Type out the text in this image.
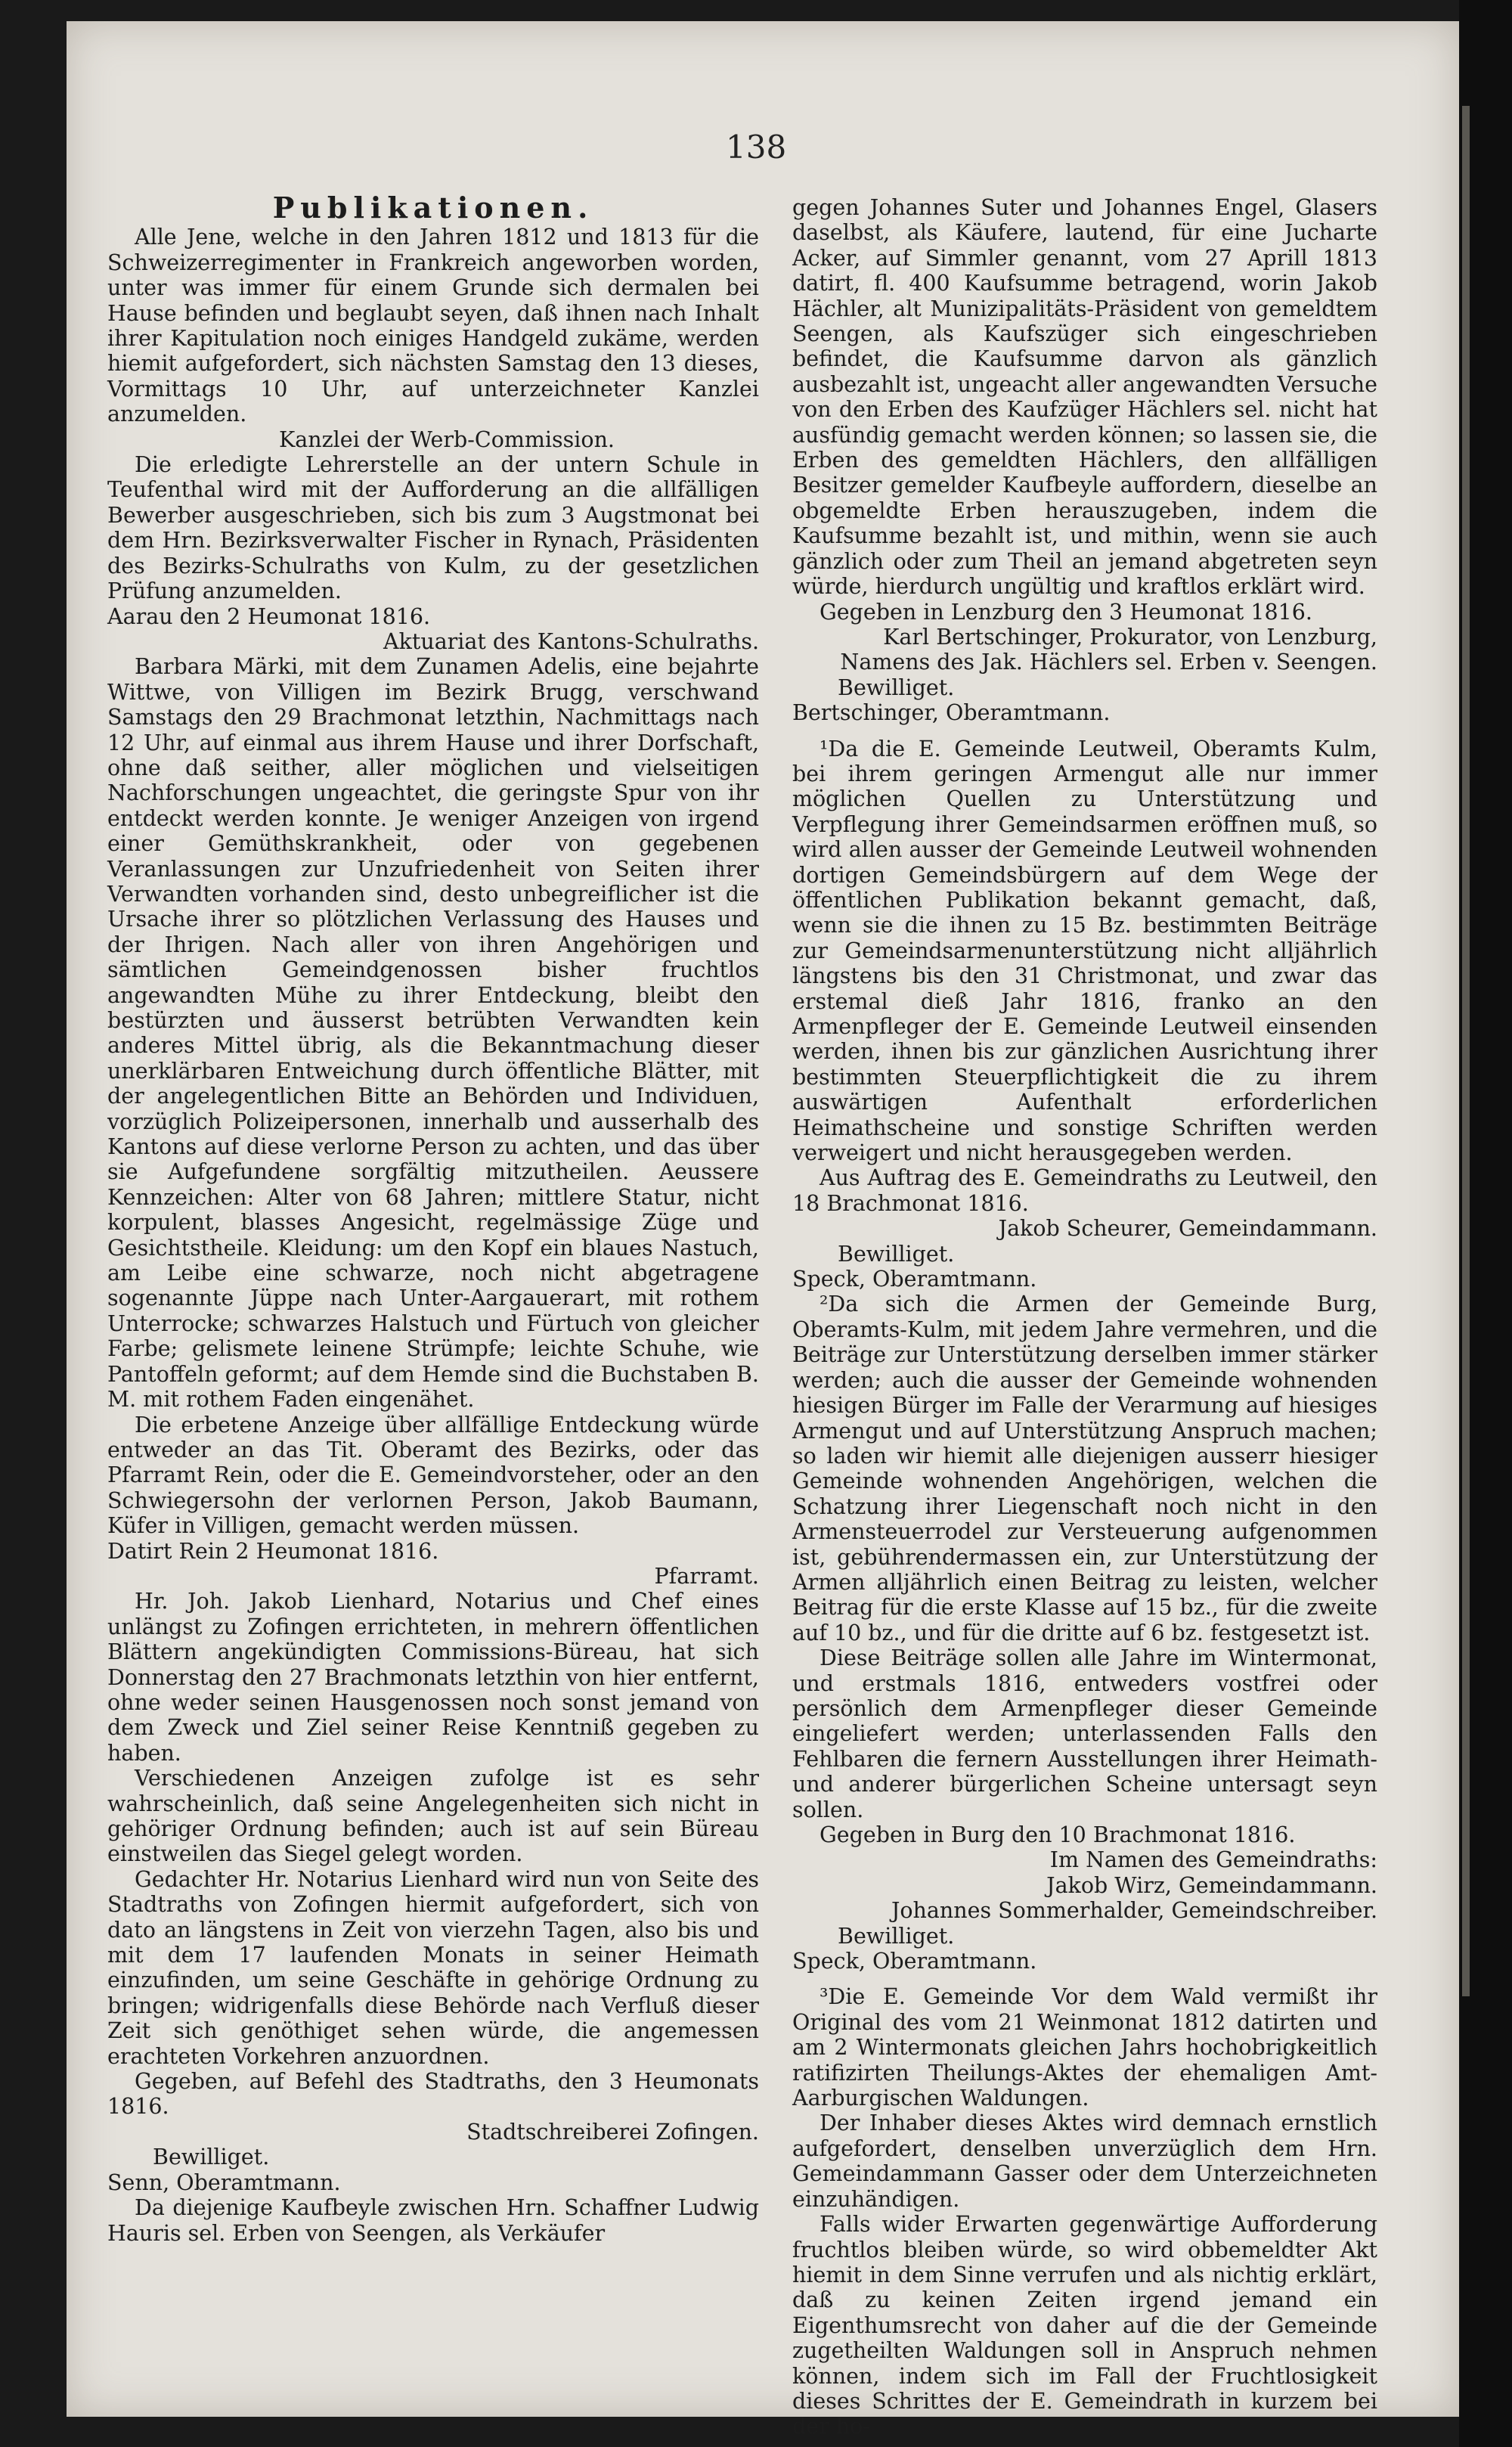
138
Publikationen.

Alle Jene, welche in den Jahren 1812 und 1813 für die Schweizerregimenter in Frankreich angeworben worden, unter was immer für einem Grunde sich dermalen bei Hause befinden und beglaubt seyen, daß ihnen nach Inhalt ihrer Kapitulation noch einiges Handgeld zukäme, werden hiemit aufgefordert, sich nächsten Samstag den 13 dieses, Vormittags 10 Uhr, auf unterzeichneter Kanzlei anzumelden.

Kanzlei der Werb-Commission.

Die erledigte Lehrerstelle an der untern Schule in Teufenthal wird mit der Aufforderung an die allfälligen Bewerber ausgeschrieben, sich bis zum 3 Augstmonat bei dem Hrn. Bezirksverwalter Fischer in Rynach, Präsidenten des Bezirks-Schulraths von Kulm, zu der gesetzlichen Prüfung anzumelden.

Aarau den 2 Heumonat 1816.

Aktuariat des Kantons-Schulraths.

Barbara Märki, mit dem Zunamen Adelis, eine bejahrte Wittwe, von Villigen im Bezirk Brugg, verschwand Samstags den 29 Brachmonat letzthin, Nachmittags nach 12 Uhr, auf einmal aus ihrem Hause und ihrer Dorfschaft, ohne daß seither, aller möglichen und vielseitigen Nachforschungen ungeachtet, die geringste Spur von ihr entdeckt werden konnte. Je weniger Anzeigen von irgend einer Gemüthskrankheit, oder von gegebenen Veranlassungen zur Unzufriedenheit von Seiten ihrer Verwandten vorhanden sind, desto unbegreiflicher ist die Ursache ihrer so plötzlichen Verlassung des Hauses und der Ihrigen. Nach aller von ihren Angehörigen und sämtlichen Gemeindgenossen bisher fruchtlos angewandten Mühe zu ihrer Entdeckung, bleibt den bestürzten und äusserst betrübten Verwandten kein anderes Mittel übrig, als die Bekanntmachung dieser unerklärbaren Entweichung durch öffentliche Blätter, mit der angelegentlichen Bitte an Behörden und Individuen, vorzüglich Polizeipersonen, innerhalb und ausserhalb des Kantons auf diese verlorne Person zu achten, und das über sie Aufgefundene sorgfältig mitzutheilen. Aeussere Kennzeichen: Alter von 68 Jahren; mittlere Statur, nicht korpulent, blasses Angesicht, regelmässige Züge und Gesichtstheile. Kleidung: um den Kopf ein blaues Nastuch, am Leibe eine schwarze, noch nicht abgetragene sogenannte Jüppe nach Unter-Aargauerart, mit rothem Unterrocke; schwarzes Halstuch und Fürtuch von gleicher Farbe; gelismete leinene Strümpfe; leichte Schuhe, wie Pantoffeln geformt; auf dem Hemde sind die Buchstaben B. M. mit rothem Faden eingenähet.

Die erbetene Anzeige über allfällige Entdeckung würde entweder an das Tit. Oberamt des Bezirks, oder das Pfarramt Rein, oder die E. Gemeindvorsteher, oder an den Schwiegersohn der verlornen Person, Jakob Baumann, Küfer in Villigen, gemacht werden müssen.

Datirt Rein 2 Heumonat 1816.

Pfarramt.

Hr. Joh. Jakob Lienhard, Notarius und Chef eines unlängst zu Zofingen errichteten, in mehrern öffentlichen Blättern angekündigten Commissions-Büreau, hat sich Donnerstag den 27 Brachmonats letzthin von hier entfernt, ohne weder seinen Hausgenossen noch sonst jemand von dem Zweck und Ziel seiner Reise Kenntniß gegeben zu haben.

Verschiedenen Anzeigen zufolge ist es sehr wahrscheinlich, daß seine Angelegenheiten sich nicht in gehöriger Ordnung befinden; auch ist auf sein Büreau einstweilen das Siegel gelegt worden.

Gedachter Hr. Notarius Lienhard wird nun von Seite des Stadtraths von Zofingen hiermit aufgefordert, sich von dato an längstens in Zeit von vierzehn Tagen, also bis und mit dem 17 laufenden Monats in seiner Heimath einzufinden, um seine Geschäfte in gehörige Ordnung zu bringen; widrigenfalls diese Behörde nach Verfluß dieser Zeit sich genöthiget sehen würde, die angemessen erachteten Vorkehren anzuordnen.

Gegeben, auf Befehl des Stadtraths, den 3 Heumonats 1816.

Stadtschreiberei Zofingen.

Bewilliget.

Senn, Oberamtmann.

Da diejenige Kaufbeyle zwischen Hrn. Schaffner Ludwig Hauris sel. Erben von Seengen, als Verkäufer

gegen Johannes Suter und Johannes Engel, Glasers daselbst, als Käufere, lautend, für eine Jucharte Acker, auf Simmler genannt, vom 27 Aprill 1813 datirt, fl. 400 Kaufsumme betragend, worin Jakob Hächler, alt Munizipalitäts-Präsident von gemeldtem Seengen, als Kaufszüger sich eingeschrieben befindet, die Kaufsumme darvon als gänzlich ausbezahlt ist, ungeacht aller angewandten Versuche von den Erben des Kaufzüger Hächlers sel. nicht hat ausfündig gemacht werden können; so lassen sie, die Erben des gemeldten Hächlers, den allfälligen Besitzer gemelder Kaufbeyle auffordern, dieselbe an obgemeldte Erben herauszugeben, indem die Kaufsumme bezahlt ist, und mithin, wenn sie auch gänzlich oder zum Theil an jemand abgetreten seyn würde, hierdurch ungültig und kraftlos erklärt wird.

Gegeben in Lenzburg den 3 Heumonat 1816.

Karl Bertschinger, Prokurator, von Lenzburg,

Namens des Jak. Hächlers sel. Erben v. Seengen.

Bewilliget.

Bertschinger, Oberamtmann.

¹Da die E. Gemeinde Leutweil, Oberamts Kulm, bei ihrem geringen Armengut alle nur immer möglichen Quellen zu Unterstützung und Verpflegung ihrer Gemeindsarmen eröffnen muß, so wird allen ausser der Gemeinde Leutweil wohnenden dortigen Gemeindsbürgern auf dem Wege der öffentlichen Publikation bekannt gemacht, daß, wenn sie die ihnen zu 15 Bz. bestimmten Beiträge zur Gemeindsarmenunterstützung nicht alljährlich längstens bis den 31 Christmonat, und zwar das erstemal dieß Jahr 1816, franko an den Armenpfleger der E. Gemeinde Leutweil einsenden werden, ihnen bis zur gänzlichen Ausrichtung ihrer bestimmten Steuerpflichtigkeit die zu ihrem auswärtigen Aufenthalt erforderlichen Heimathscheine und sonstige Schriften werden verweigert und nicht herausgegeben werden.

Aus Auftrag des E. Gemeindraths zu Leutweil, den 18 Brachmonat 1816.

Jakob Scheurer, Gemeindammann.

Bewilliget.

Speck, Oberamtmann.

²Da sich die Armen der Gemeinde Burg, Oberamts-Kulm, mit jedem Jahre vermehren, und die Beiträge zur Unterstützung derselben immer stärker werden; auch die ausser der Gemeinde wohnenden hiesigen Bürger im Falle der Verarmung auf hiesiges Armengut und auf Unterstützung Anspruch machen; so laden wir hiemit alle diejenigen ausserr hiesiger Gemeinde wohnenden Angehörigen, welchen die Schatzung ihrer Liegenschaft noch nicht in den Armensteuerrodel zur Versteuerung aufgenommen ist, gebührendermassen ein, zur Unterstützung der Armen alljährlich einen Beitrag zu leisten, welcher Beitrag für die erste Klasse auf 15 bz., für die zweite auf 10 bz., und für die dritte auf 6 bz. festgesetzt ist.

Diese Beiträge sollen alle Jahre im Wintermonat, und erstmals 1816, entweders vostfrei oder persönlich dem Armenpfleger dieser Gemeinde eingeliefert werden; unterlassenden Falls den Fehlbaren die fernern Ausstellungen ihrer Heimath- und anderer bürgerlichen Scheine untersagt seyn sollen.

Gegeben in Burg den 10 Brachmonat 1816.

Im Namen des Gemeindraths:

Jakob Wirz, Gemeindammann.

Johannes Sommerhalder, Gemeindschreiber.

Bewilliget.

Speck, Oberamtmann.

³Die E. Gemeinde Vor dem Wald vermißt ihr Original des vom 21 Weinmonat 1812 datirten und am 2 Wintermonats gleichen Jahrs hochobrigkeitlich ratifizirten Theilungs-Aktes der ehemaligen Amt-Aarburgischen Waldungen.

Der Inhaber dieses Aktes wird demnach ernstlich aufgefordert, denselben unverzüglich dem Hrn. Gemeindammann Gasser oder dem Unterzeichneten einzuhändigen.

Falls wider Erwarten gegenwärtige Aufforderung fruchtlos bleiben würde, so wird obbemeldter Akt hiemit in dem Sinne verrufen und als nichtig erklärt, daß zu keinen Zeiten irgend jemand ein Eigenthumsrecht von daher auf die der Gemeinde zugetheilten Waldungen soll in Anspruch nehmen können, indem sich im Fall der Fruchtlosigkeit dieses Schrittes der E. Gemeindrath in kurzem bei der ho-
